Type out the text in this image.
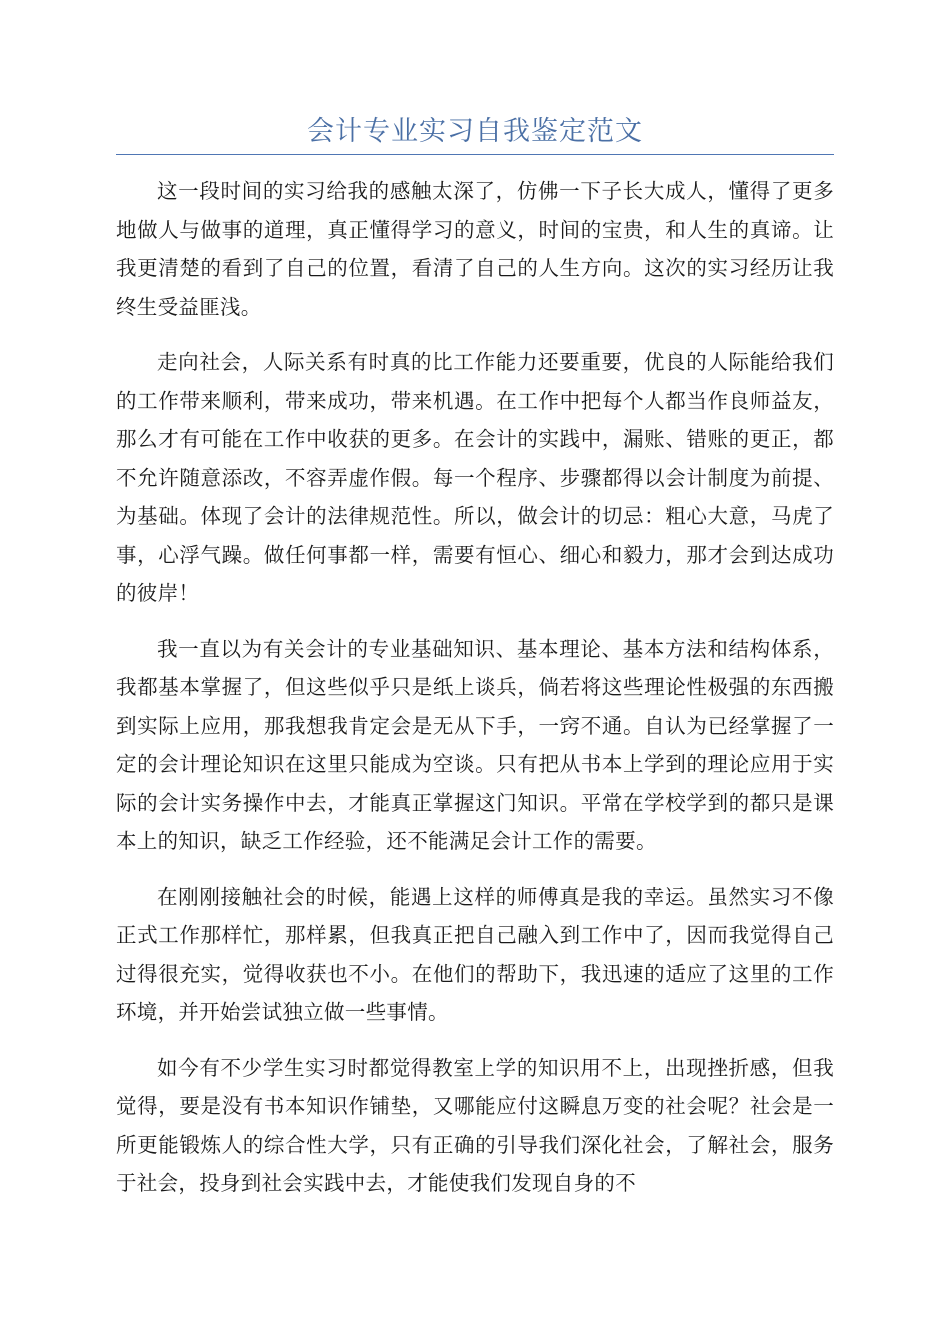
会计专业实习自我鉴定范文

这一段时间的实习给我的感触太深了，仿佛一下子长大成人，懂得了更多地做人与做事的道理，真正懂得学习的意义，时间的宝贵，和人生的真谛。让我更清楚的看到了自己的位置，看清了自己的人生方向。这次的实习经历让我终生受益匪浅。

走向社会，人际关系有时真的比工作能力还要重要，优良的人际能给我们的工作带来顺利，带来成功，带来机遇。在工作中把每个人都当作良师益友，那么才有可能在工作中收获的更多。在会计的实践中，漏账、错账的更正，都不允许随意添改，不容弄虚作假。每一个程序、步骤都得以会计制度为前提、为基础。体现了会计的法律规范性。所以，做会计的切忌：粗心大意，马虎了事，心浮气躁。做任何事都一样，需要有恒心、细心和毅力，那才会到达成功的彼岸！

我一直以为有关会计的专业基础知识、基本理论、基本方法和结构体系，我都基本掌握了，但这些似乎只是纸上谈兵，倘若将这些理论性极强的东西搬到实际上应用，那我想我肯定会是无从下手，一窍不通。自认为已经掌握了一定的会计理论知识在这里只能成为空谈。只有把从书本上学到的理论应用于实际的会计实务操作中去，才能真正掌握这门知识。平常在学校学到的都只是课本上的知识，缺乏工作经验，还不能满足会计工作的需要。

在刚刚接触社会的时候，能遇上这样的师傅真是我的幸运。虽然实习不像正式工作那样忙，那样累，但我真正把自己融入到工作中了，因而我觉得自己过得很充实，觉得收获也不小。在他们的帮助下，我迅速的适应了这里的工作环境，并开始尝试独立做一些事情。

如今有不少学生实习时都觉得教室上学的知识用不上，出现挫折感，但我觉得，要是没有书本知识作铺垫，又哪能应付这瞬息万变的社会呢？社会是一所更能锻炼人的综合性大学，只有正确的引导我们深化社会，了解社会，服务于社会，投身到社会实践中去，才能使我们发现自身的不
